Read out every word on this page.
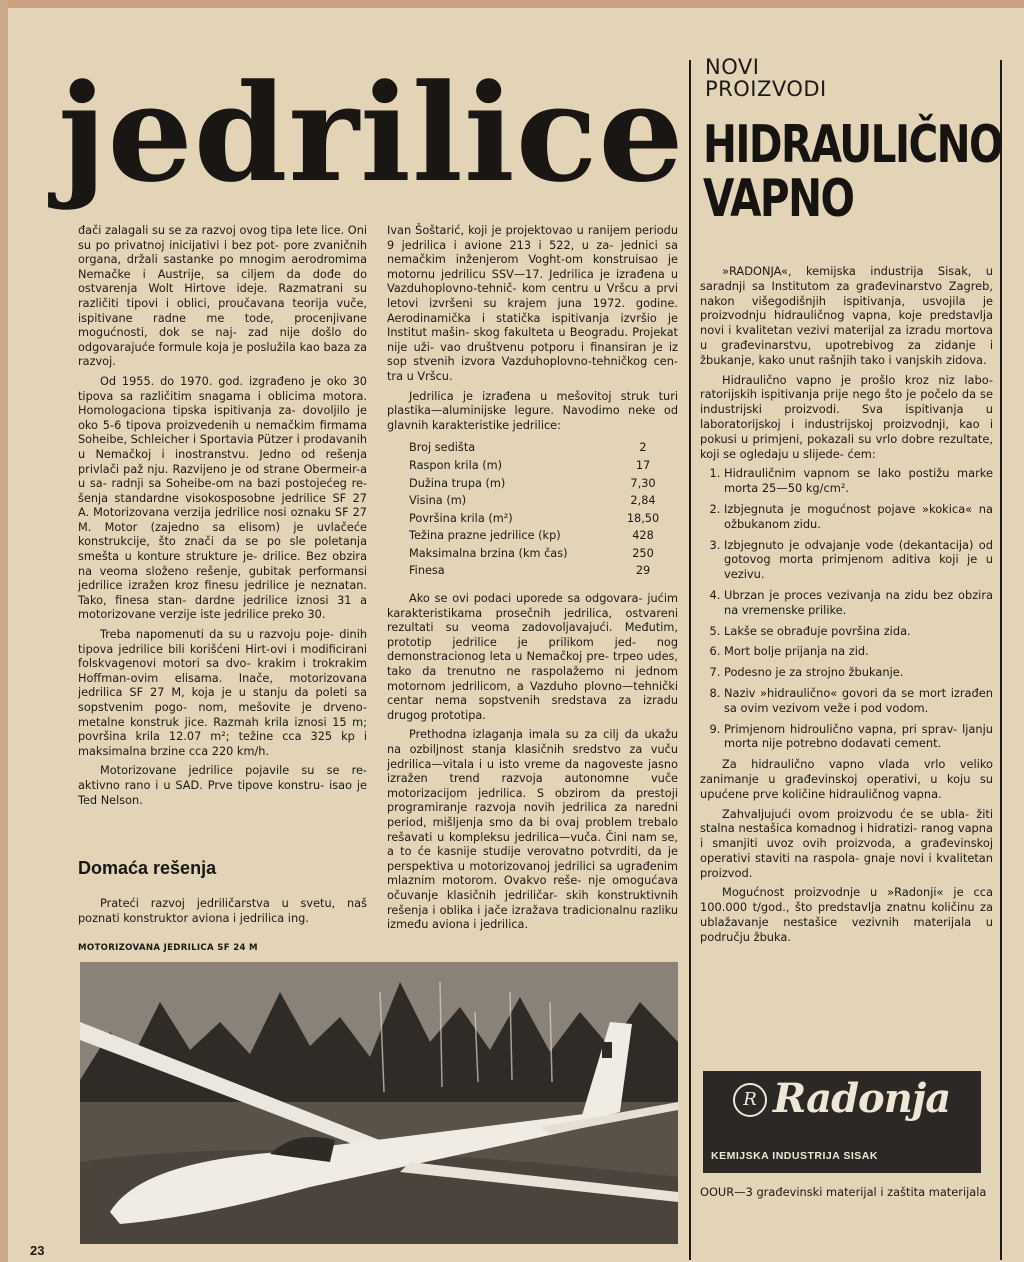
jedrilice

đači zalagali su se za razvoj ovog tipa lete lice. Oni su po privatnoj inicijativi i bez pot- pore zvaničnih organa, držali sastanke po mnogim aerodromima Nemačke i Austrije, sa ciljem da dođe do ostvarenja Wolt Hirtove ideje. Razmatrani su različiti tipovi i oblici, proučavana teorija vuče, ispitivane radne me tode, procenjivane mogućnosti, dok se naj- zad nije došlo do odgovarajuće formule koja je poslužila kao baza za razvoj.

Od 1955. do 1970. god. izgrađeno je oko 30 tipova sa različitim snagama i oblicima motora. Homologaciona tipska ispitivanja za- dovoljilo je oko 5-6 tipova proizvedenih u nemačkim firmama Soheibe, Schleicher i Sportavia Pützer i prodavanih u Nemačkoj i inostranstvu. Jedno od rešenja privlači paž nju. Razvijeno je od strane Obermeir-a u sa- radnji sa Soheibe-om na bazi postojećeg re- šenja standardne visokosposobne jedrilice SF 27 A. Motorizovana verzija jedrilice nosi oznaku SF 27 M. Motor (zajedno sa elisom) je uvlačeće konstrukcije, što znači da se po sle poletanja smešta u konture strukture je- drilice. Bez obzira na veoma složeno rešenje, gubitak performansi jedrilice izražen kroz finesu jedrilice je neznatan. Tako, finesa stan- dardne jedrilice iznosi 31 a motorizovane verzije iste jedrilice preko 30.

Treba napomenuti da su u razvoju poje- dinih tipova jedrilice bili korišćeni Hirt-ovi i modificirani folskvagenovi motori sa dvo- krakim i trokrakim Hoffman-ovim elisama. Inače, motorizovana jedrilica SF 27 M, koja je u stanju da poleti sa sopstvenim pogo- nom, mešovite je drveno-metalne konstruk jice. Razmah krila iznosi 15 m; površina krila 12.07 m²; težine cca 325 kp i maksimalna brzine cca 220 km/h.

Motorizovane jedrilice pojavile su se re- aktivno rano i u SAD. Prve tipove konstru- isao je Ted Nelson.

Domaća rešenja

Prateći razvoj jedriličarstva u svetu, naš poznati konstruktor aviona i jedrilica ing.

MOTORIZOVANA JEDRILICA SF 24 M

Ivan Šoštarić, koji je projektovao u ranijem periodu 9 jedrilica i avione 213 i 522, u za- jednici sa nemačkim inženjerom Voght-om konstruisao je motornu jedrilicu SSV—17. Jedrilica je izrađena u Vazduhoplovno-tehnič- kom centru u Vršcu a prvi letovi izvršeni su krajem juna 1972. godine. Aerodinamička i statička ispitivanja izvršio je Institut mašin- skog fakulteta u Beogradu. Projekat nije uži- vao društvenu potporu i finansiran je iz sop stvenih izvora Vazduhoplovno-tehničkog cen- tra u Vršcu.

Jedrilica je izrađena u mešovitoj struk turi plastika—aluminijske legure. Navodimo neke od glavnih karakteristike jedrilice:

Broj sedišta	2
Raspon krila (m)	17
Dužina trupa (m)	7,30
Visina (m)	2,84
Površina krila (m²)	18,50
Težina prazne jedrilice (kp)	428
Maksimalna brzina (km čas)	250
Finesa	29

Ako se ovi podaci uporede sa odgovara- jućim karakteristikama prosečnih jedrilica, ostvareni rezultati su veoma zadovoljavajući. Međutim, prototip jedrilice je prilikom jed- nog demonstracionog leta u Nemačkoj pre- trpeo udes, tako da trenutno ne raspolažemo ni jednom motornom jedrilicom, a Vazduho plovno—tehnički centar nema sopstvenih sredstava za izradu drugog prototipa.

Prethodna izlaganja imala su za cilj da ukažu na ozbiljnost stanja klasičnih sredstvo za vuču jedrilica—vitala i u isto vreme da nagoveste jasno izražen trend razvoja autonomne vuče motorizacijom jedrilica. S obzirom da prestoji programiranje razvoja novih jedrilica za naredni period, mišljenja smo da bi ovaj problem trebalo rešavati u kompleksu jedrilica—vuča. Čini nam se, a to će kasnije studije verovatno potvrditi, da je perspektiva u motorizovanoj jedrilici sa ugrađenim mlaznim motorom. Ovakvo reše- nje omogućava očuvanje klasičnih jedriličar- skih konstruktivnih rešenja i oblika i jače izražava tradicionalnu razliku između aviona i jedrilica.

NOVI
PROIZVODI
HIDRAULIČNO
VAPNO

»RADONJA«, kemijska industrija Sisak, u saradnji sa Institutom za građevinarstvo Zagreb, nakon višegodišnjih ispitivanja, usvojila je proizvodnju hidrauličnog vapna, koje predstavlja novi i kvalitetan vezivi materijal za izradu mortova u građevinarstvu, upotrebivog za zidanje i žbukanje, kako unut rašnjih tako i vanjskih zidova.

Hidraulično vapno je prošlo kroz niz labo- ratorijskih ispitivanja prije nego što je počelo da se industrijski proizvodi. Sva ispitivanja u laboratorijskoj i industrijskoj proizvodnji, kao i pokusi u primjeni, pokazali su vrlo dobre rezultate, koji se ogledaju u slijede- ćem:

1. Hidrauličnim vapnom se lako postižu marke morta 25—50 kg/cm².
2. Izbjegnuta je mogućnost pojave »kokica« na ožbukanom zidu.
3. Izbjegnuto je odvajanje vode (dekantacija) od gotovog morta primjenom aditiva koji je u vezivu.
4. Ubrzan je proces vezivanja na zidu bez obzira na vremenske prilike.
5. Lakše se obrađuje površina zida.
6. Mort bolje prijanja na zid.
7. Podesno je za strojno žbukanje.
8. Naziv »hidraulično« govori da se mort izrađen sa ovim vezivom veže i pod vodom.
9. Primjenom hidroulično vapna, pri sprav- ljanju morta nije potrebno dodavati cement.

Za hidraulično vapno vlada vrlo veliko zanimanje u građevinskoj operativi, u koju su upućene prve količine hidrauličnog vapna.

Zahvaljujući ovom proizvodu će se ubla- žiti stalna nestašica komadnog i hidratizi- ranog vapna i smanjiti uvoz ovih proizvoda, a građevinskoj operativi staviti na raspola- gnaje novi i kvalitetan proizvod.

Mogućnost proizvodnje u »Radonji« je cca 100.000 t/god., što predstavlja znatnu količinu za ublažavanje nestašice vezivnih materijala u području žbuka.

R Radonja
KEMIJSKA INDUSTRIJA SISAK

OOUR—3 građevinski materijal i zaštita materijala

23
